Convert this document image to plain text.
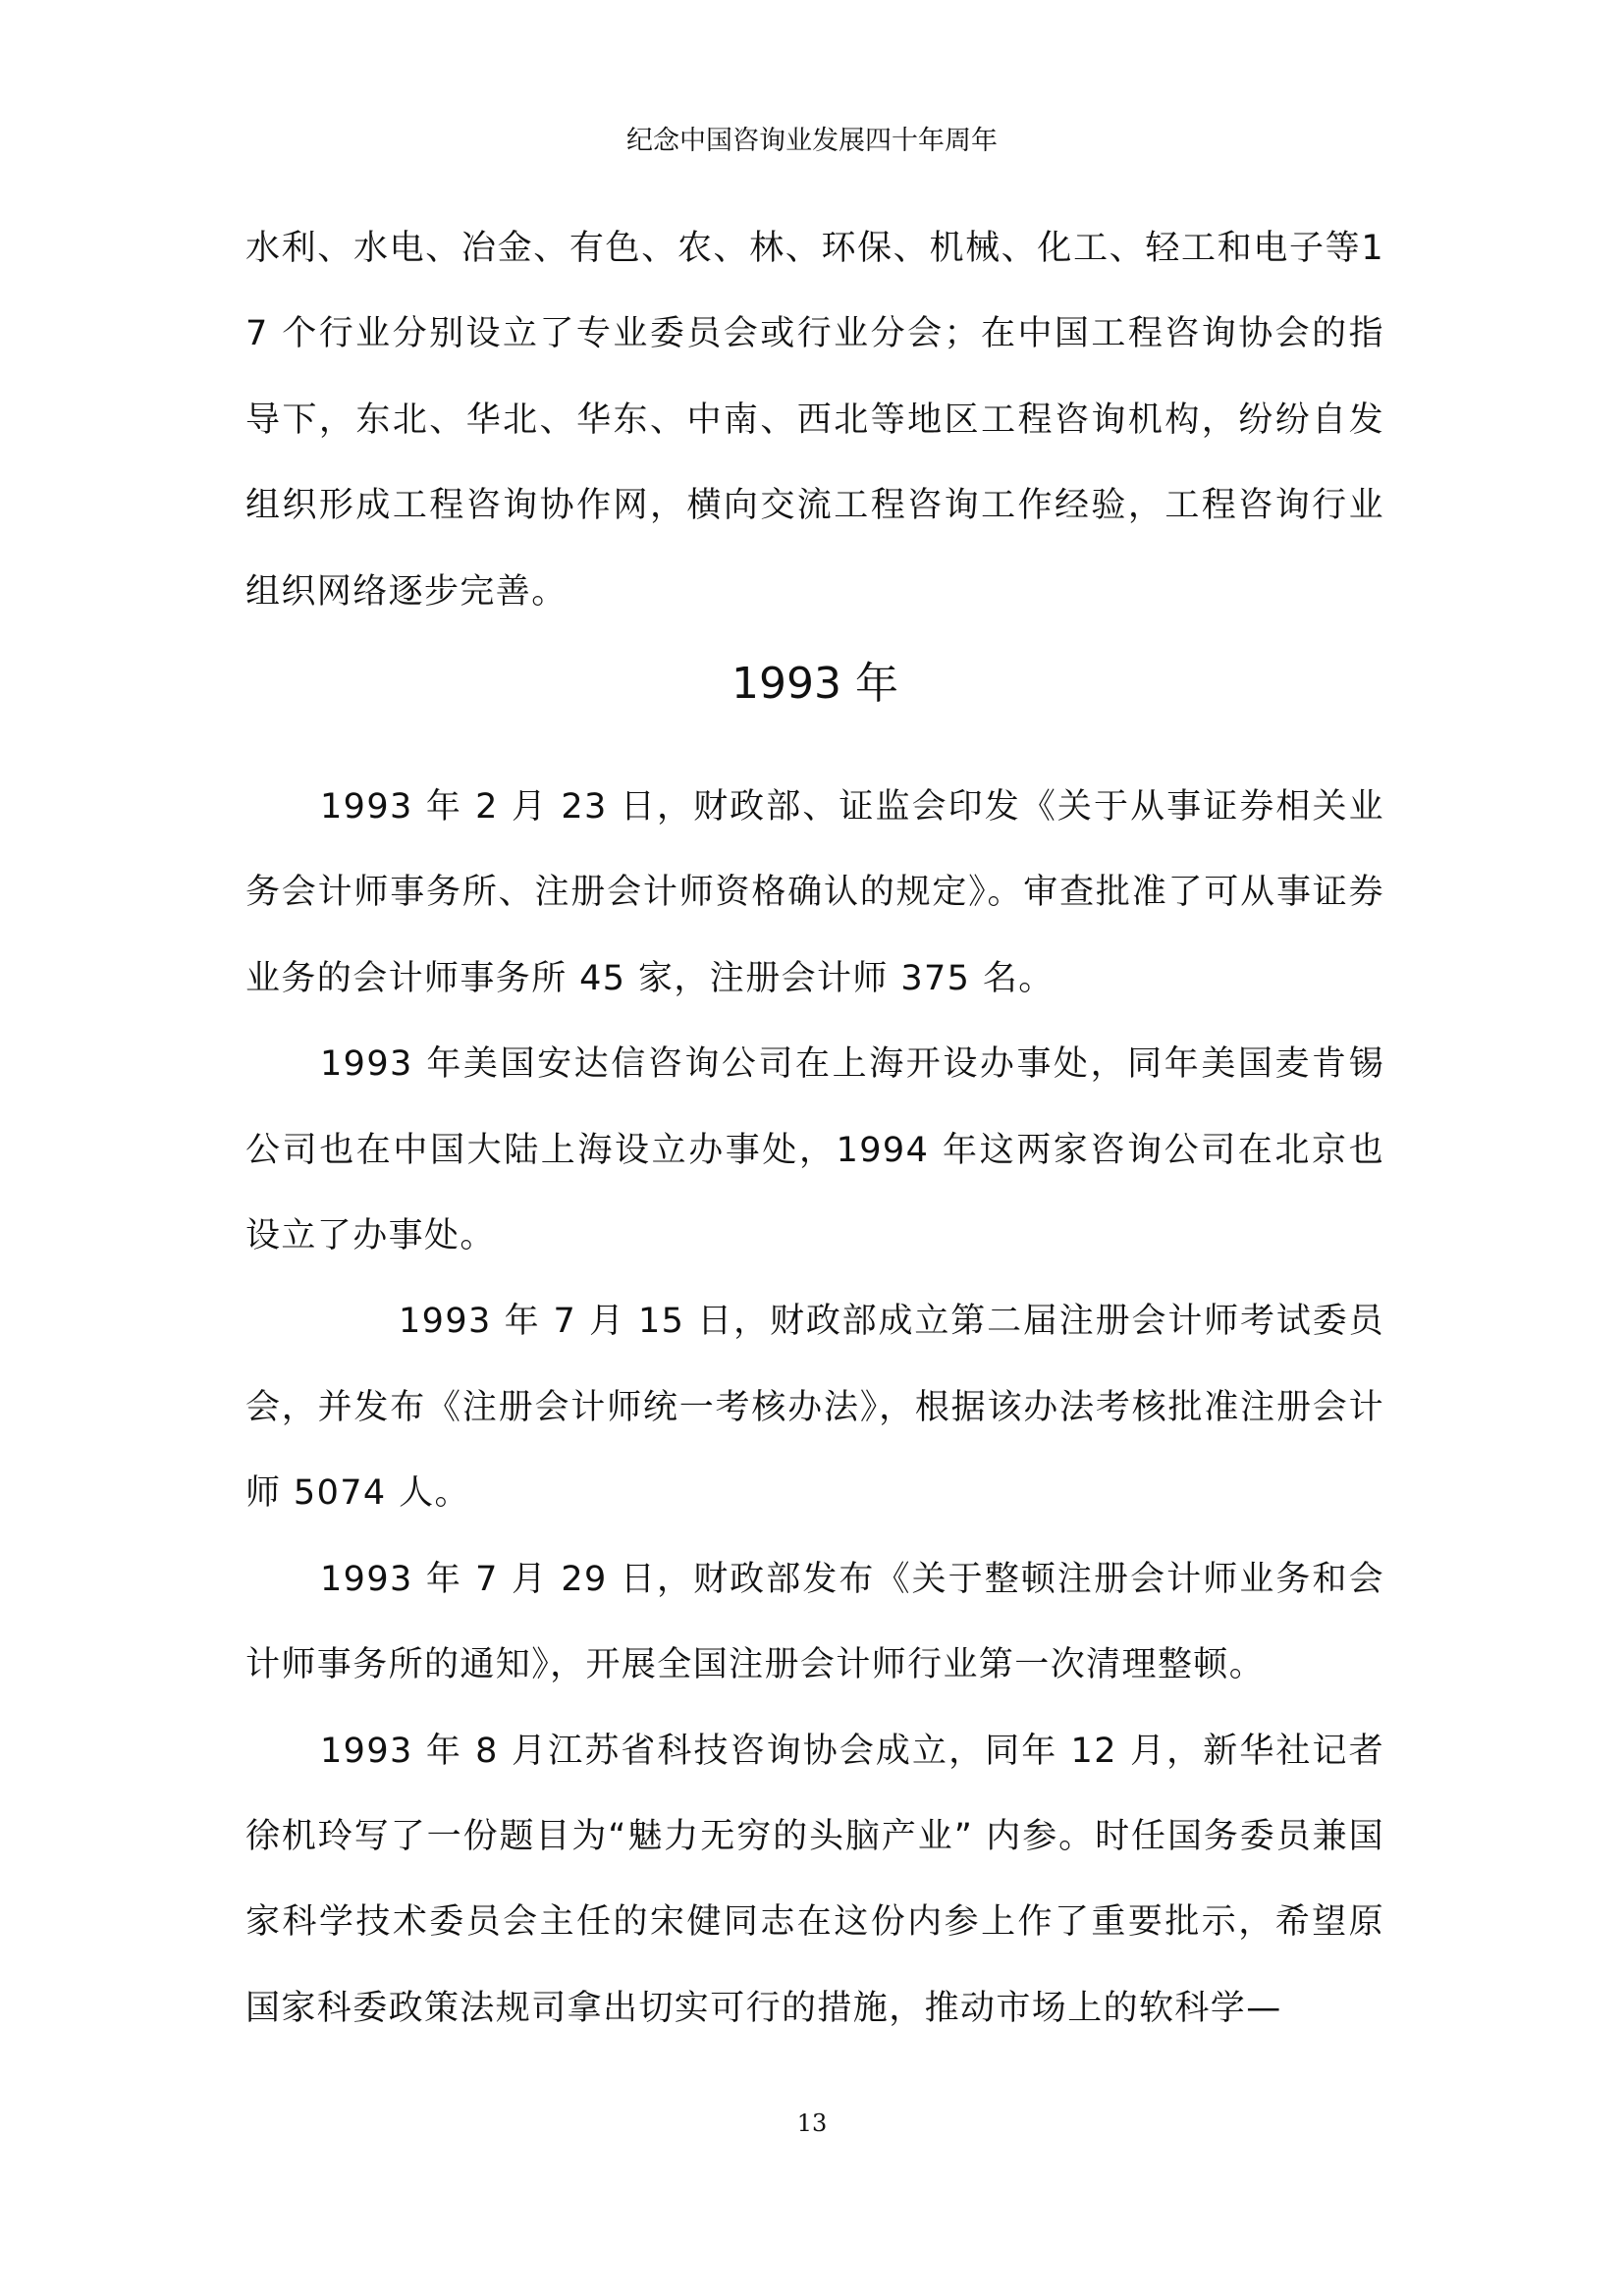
纪念中国咨询业发展四十年周年

水利、水电、冶金、有色、农、林、环保、机械、化工、轻工和电子等17 个行业分别设立了专业委员会或行业分会；在中国工程咨询协会的指导下，东北、华北、华东、中南、西北等地区工程咨询机构，纷纷自发组织形成工程咨询协作网，横向交流工程咨询工作经验，工程咨询行业组织网络逐步完善。

1993 年

1993 年 2 月 23 日，财政部、证监会印发《关于从事证券相关业务会计师事务所、注册会计师资格确认的规定》。审查批准了可从事证券业务的会计师事务所 45 家，注册会计师 375 名。

1993 年美国安达信咨询公司在上海开设办事处，同年美国麦肯锡公司也在中国大陆上海设立办事处，1994 年这两家咨询公司在北京也设立了办事处。

1993 年 7 月 15 日，财政部成立第二届注册会计师考试委员会，并发布《注册会计师统一考核办法》，根据该办法考核批准注册会计师 5074 人。

1993 年 7 月 29 日，财政部发布《关于整顿注册会计师业务和会计师事务所的通知》，开展全国注册会计师行业第一次清理整顿。

1993 年 8 月江苏省科技咨询协会成立，同年 12 月，新华社记者徐机玲写了一份题目为“魅力无穷的头脑产业” 内参。时任国务委员兼国家科学技术委员会主任的宋健同志在这份内参上作了重要批示，希望原国家科委政策法规司拿出切实可行的措施，推动市场上的软科学—

13
